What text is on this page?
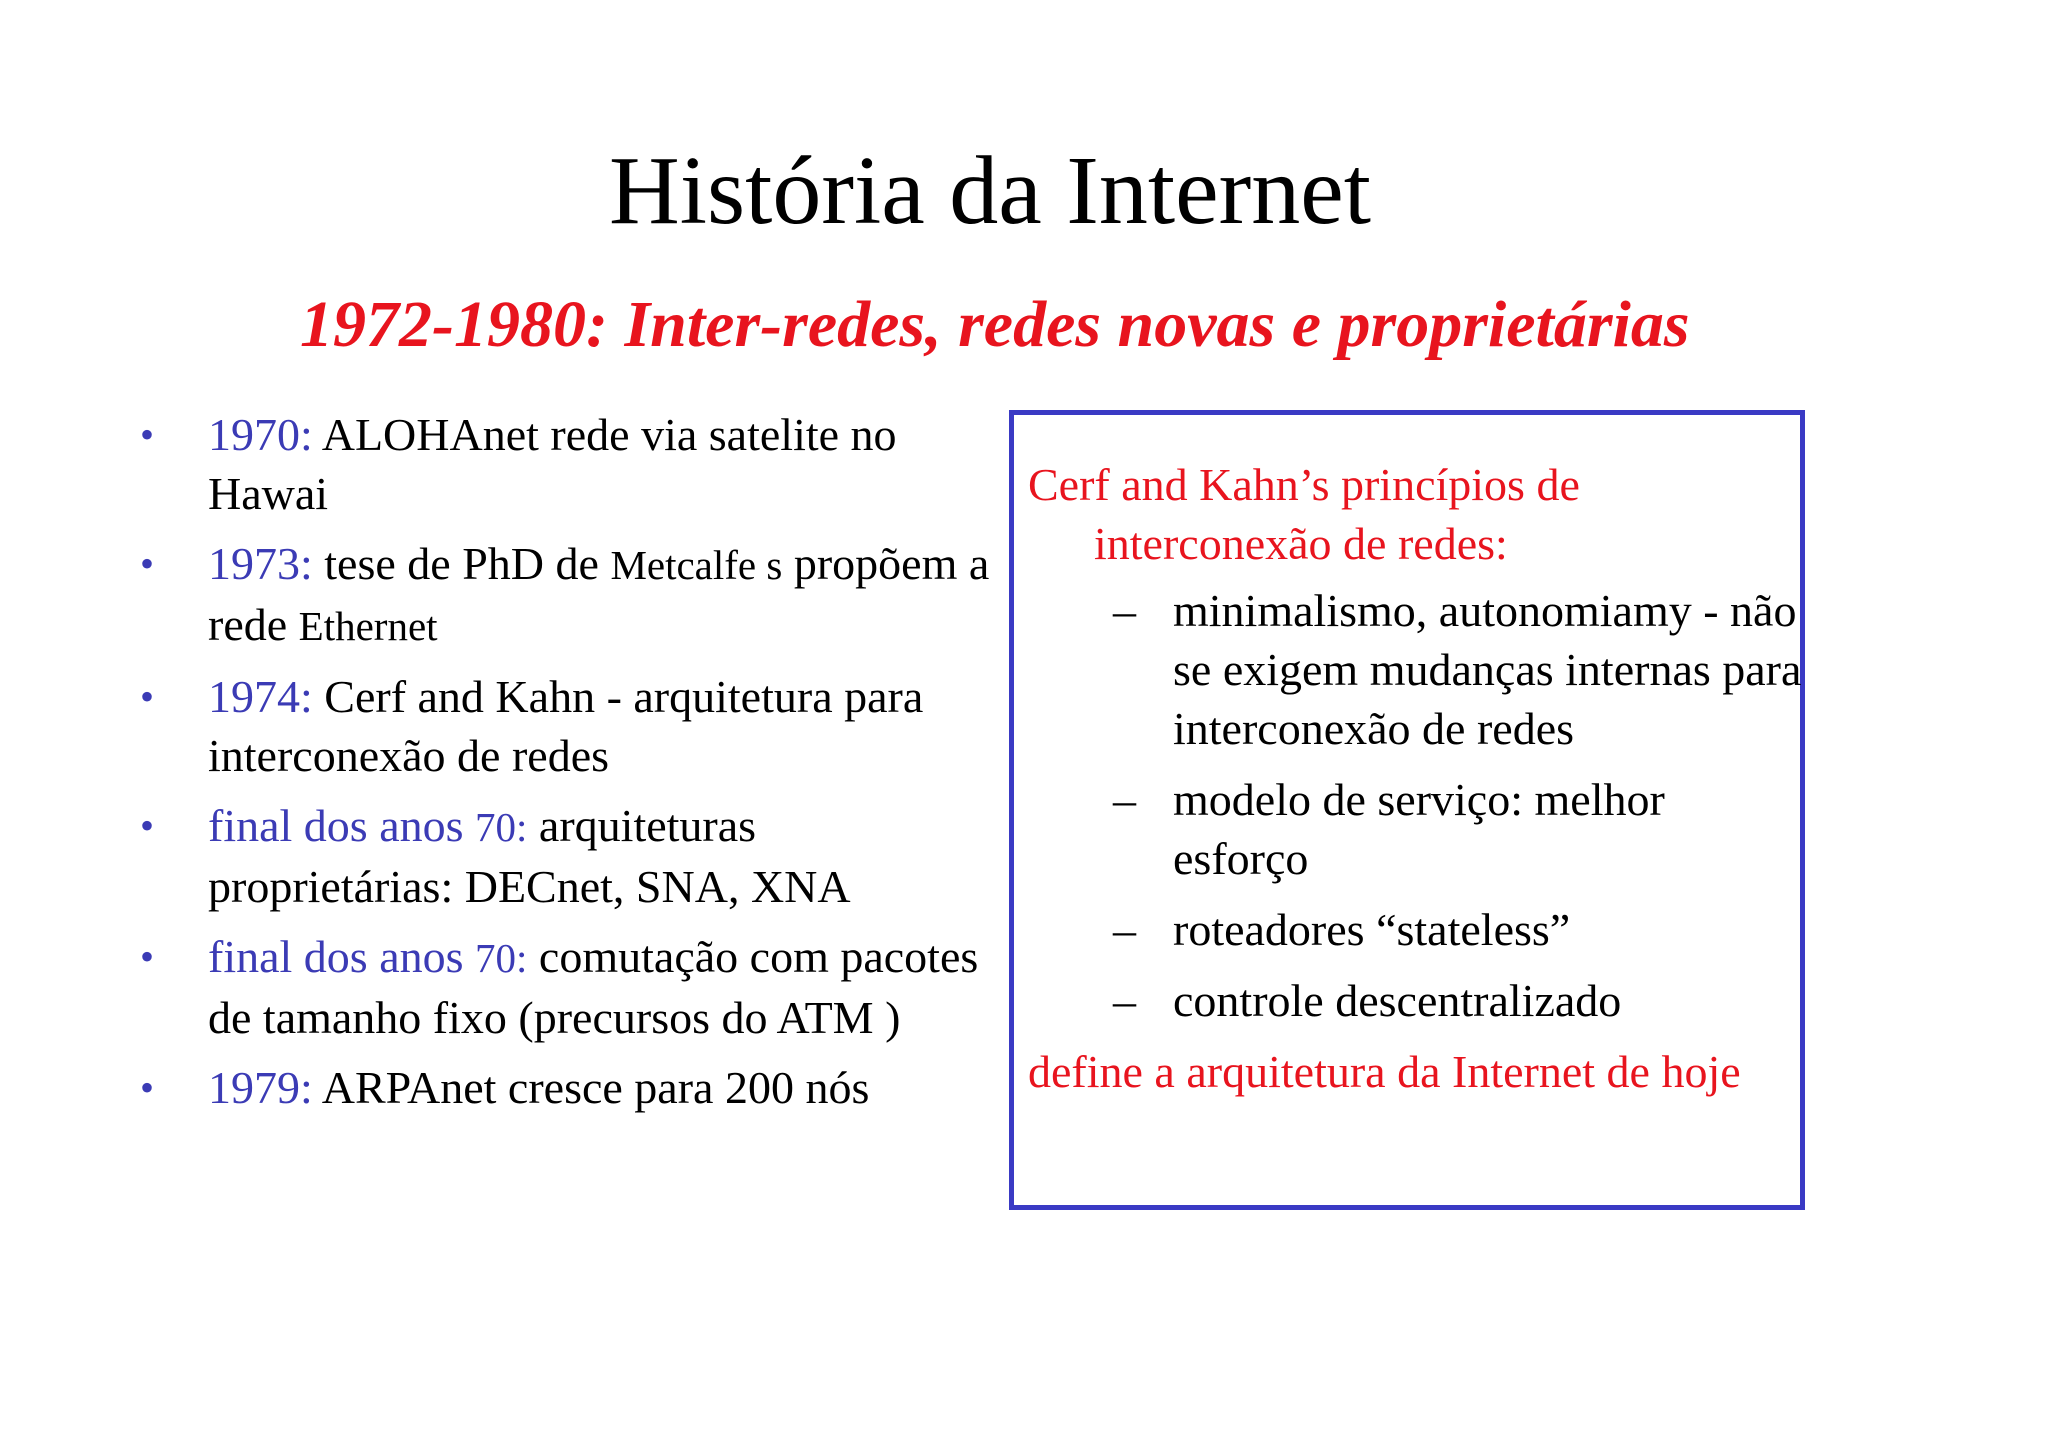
História da Internet
1972-1980: Inter-redes, redes novas e proprietárias
• 1970: ALOHAnet rede via satelite no Hawai
• 1973: tese de PhD de Metcalfe s propõem a rede Ethernet
• 1974: Cerf and Kahn - arquitetura para interconexão de redes
• final dos anos 70: arquiteturas proprietárias: DECnet, SNA, XNA
• final dos anos 70: comutação com pacotes de tamanho fixo (precursos do ATM )
• 1979: ARPAnet cresce para 200 nós
Cerf and Kahn’s princípios de interconexão de redes:
– minimalismo, autonomiamy - não se exigem mudanças internas para interconexão de redes
– modelo de serviço: melhor esforço
– roteadores “stateless”
– controle descentralizado
define a arquitetura da Internet de hoje
